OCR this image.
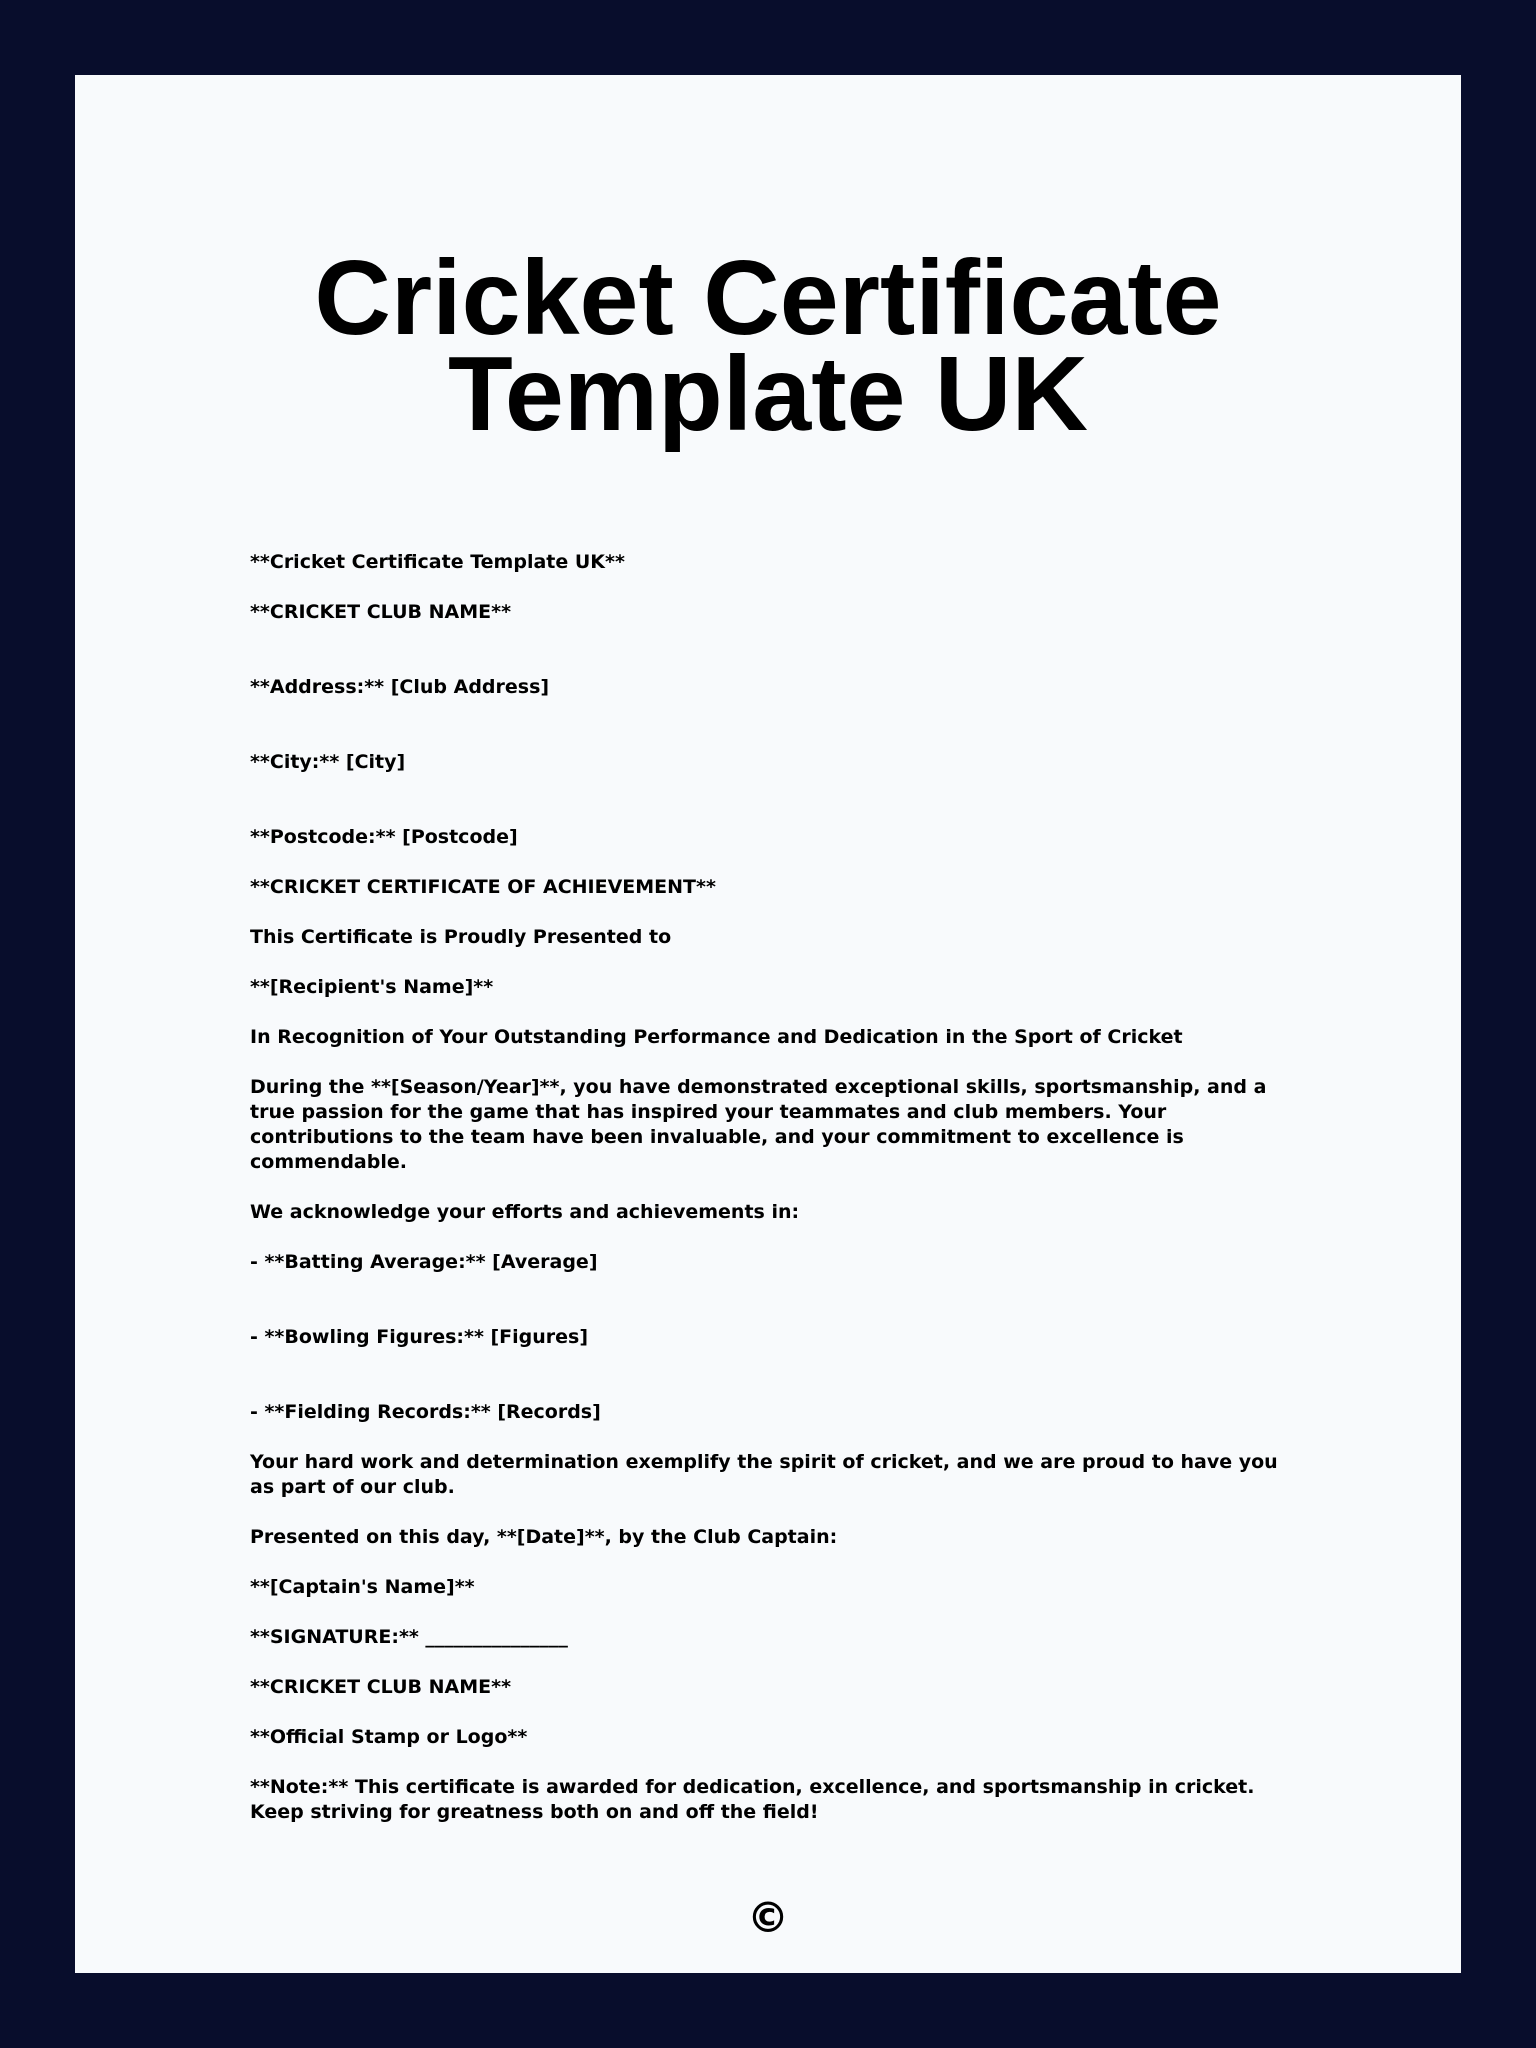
Cricket Certificate Template UK

**Cricket Certificate Template UK**

**CRICKET CLUB NAME**

**Address:** [Club Address]

**City:** [City]

**Postcode:** [Postcode]

**CRICKET CERTIFICATE OF ACHIEVEMENT**

This Certificate is Proudly Presented to

**[Recipient's Name]**

In Recognition of Your Outstanding Performance and Dedication in the Sport of Cricket

During the **[Season/Year]**, you have demonstrated exceptional skills, sportsmanship, and a true passion for the game that has inspired your teammates and club members. Your contributions to the team have been invaluable, and your commitment to excellence is commendable.

We acknowledge your efforts and achievements in:

- **Batting Average:** [Average]

- **Bowling Figures:** [Figures]

- **Fielding Records:** [Records]

Your hard work and determination exemplify the spirit of cricket, and we are proud to have you as part of our club.

Presented on this day, **[Date]**, by the Club Captain:

**[Captain's Name]**

**SIGNATURE:** _______________

**CRICKET CLUB NAME**

**Official Stamp or Logo**

**Note:** This certificate is awarded for dedication, excellence, and sportsmanship in cricket. Keep striving for greatness both on and off the field!

©
